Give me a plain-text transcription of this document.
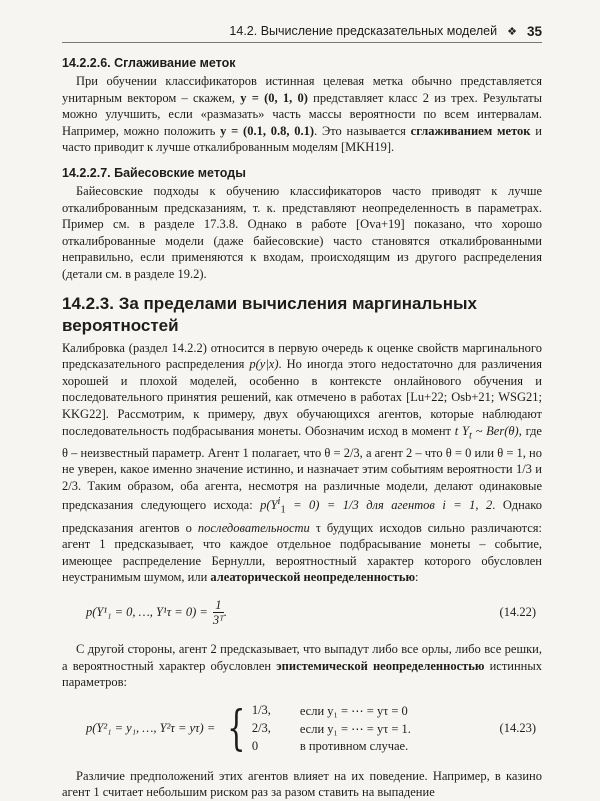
14.2. Вычисление предсказательных моделей ❖ 35
14.2.2.6. Сглаживание меток

При обучении классификаторов истинная целевая метка обычно представляется унитарным вектором – скажем, y = (0, 1, 0) представляет класс 2 из трех. Результаты можно улучшить, если «размазать» часть массы вероятности по всем интервалам. Например, можно положить y = (0.1, 0.8, 0.1). Это называется сглаживанием меток и часто приводит к лучше откалиброванным моделям [MKH19].

14.2.2.7. Байесовские методы

Байесовские подходы к обучению классификаторов часто приводят к лучше откалиброванным предсказаниям, т. к. представляют неопределенность в параметрах. Пример см. в разделе 17.3.8. Однако в работе [Ova+19] показано, что хорошо откалиброванные модели (даже байесовские) часто становятся откалиброванными неправильно, если применяются к входам, происходящим из другого распределения (детали см. в разделе 19.2).

14.2.3. За пределами вычисления маргинальных вероятностей

Калибровка (раздел 14.2.2) относится в первую очередь к оценке свойств маргинального предсказательного распределения p(y|x). Но иногда этого недостаточно для различения хорошей и плохой моделей, особенно в контексте онлайнового обучения и последовательного принятия решений, как отмечено в работах [Lu+22; Osb+21; WSG21; KKG22]. Рассмотрим, к примеру, двух обучающихся агентов, которые наблюдают последовательность подбрасывания монеты. Обозначим исход в момент t $Y_t$ ~ Ber(θ), где θ – неизвестный параметр. Агент 1 полагает, что θ = 2/3, а агент 2 – что θ = 0 или θ = 1, но не уверен, какое именно значение истинно, и назначает этим событиям вероятности 1/3 и 2/3. Таким образом, оба агента, несмотря на различные модели, делают одинаковые предсказания следующего исхода: $p(Y^i_1 = 0) = 1/3$ для агентов i = 1, 2. Однако предсказания агентов о последовательности τ будущих исходов сильно различаются: агент 1 предсказывает, что каждое отдельное подбрасывание монеты – событие, имеющее распределение Бернулли, вероятностный характер которого обусловлен неустранимым шумом, или алеаторической неопределенностью:

p(Y¹₁ = 0, …, $Y^1\tau = 0) = \frac{1}{\text{3ᵀ}}$ .	(14.22)

С другой стороны, агент 2 предсказывает, что выпадут либо все орлы, либо все решки, а вероятностный характер обусловлен эпистемической неопределенностью истинных параметров:

p(Y²₁ = y₁, …, Y²τ = yτ) = { 1/3,	если y₁ = ⋯ = yτ = 0
2/3,	если y₁ = ⋯ = yτ = 1.
0	в противном случае.
(14.23)

Различие предположений этих агентов влияет на их поведение. Например, в казино агент 1 считает небольшим риском раз за разом ставить на выпадение
